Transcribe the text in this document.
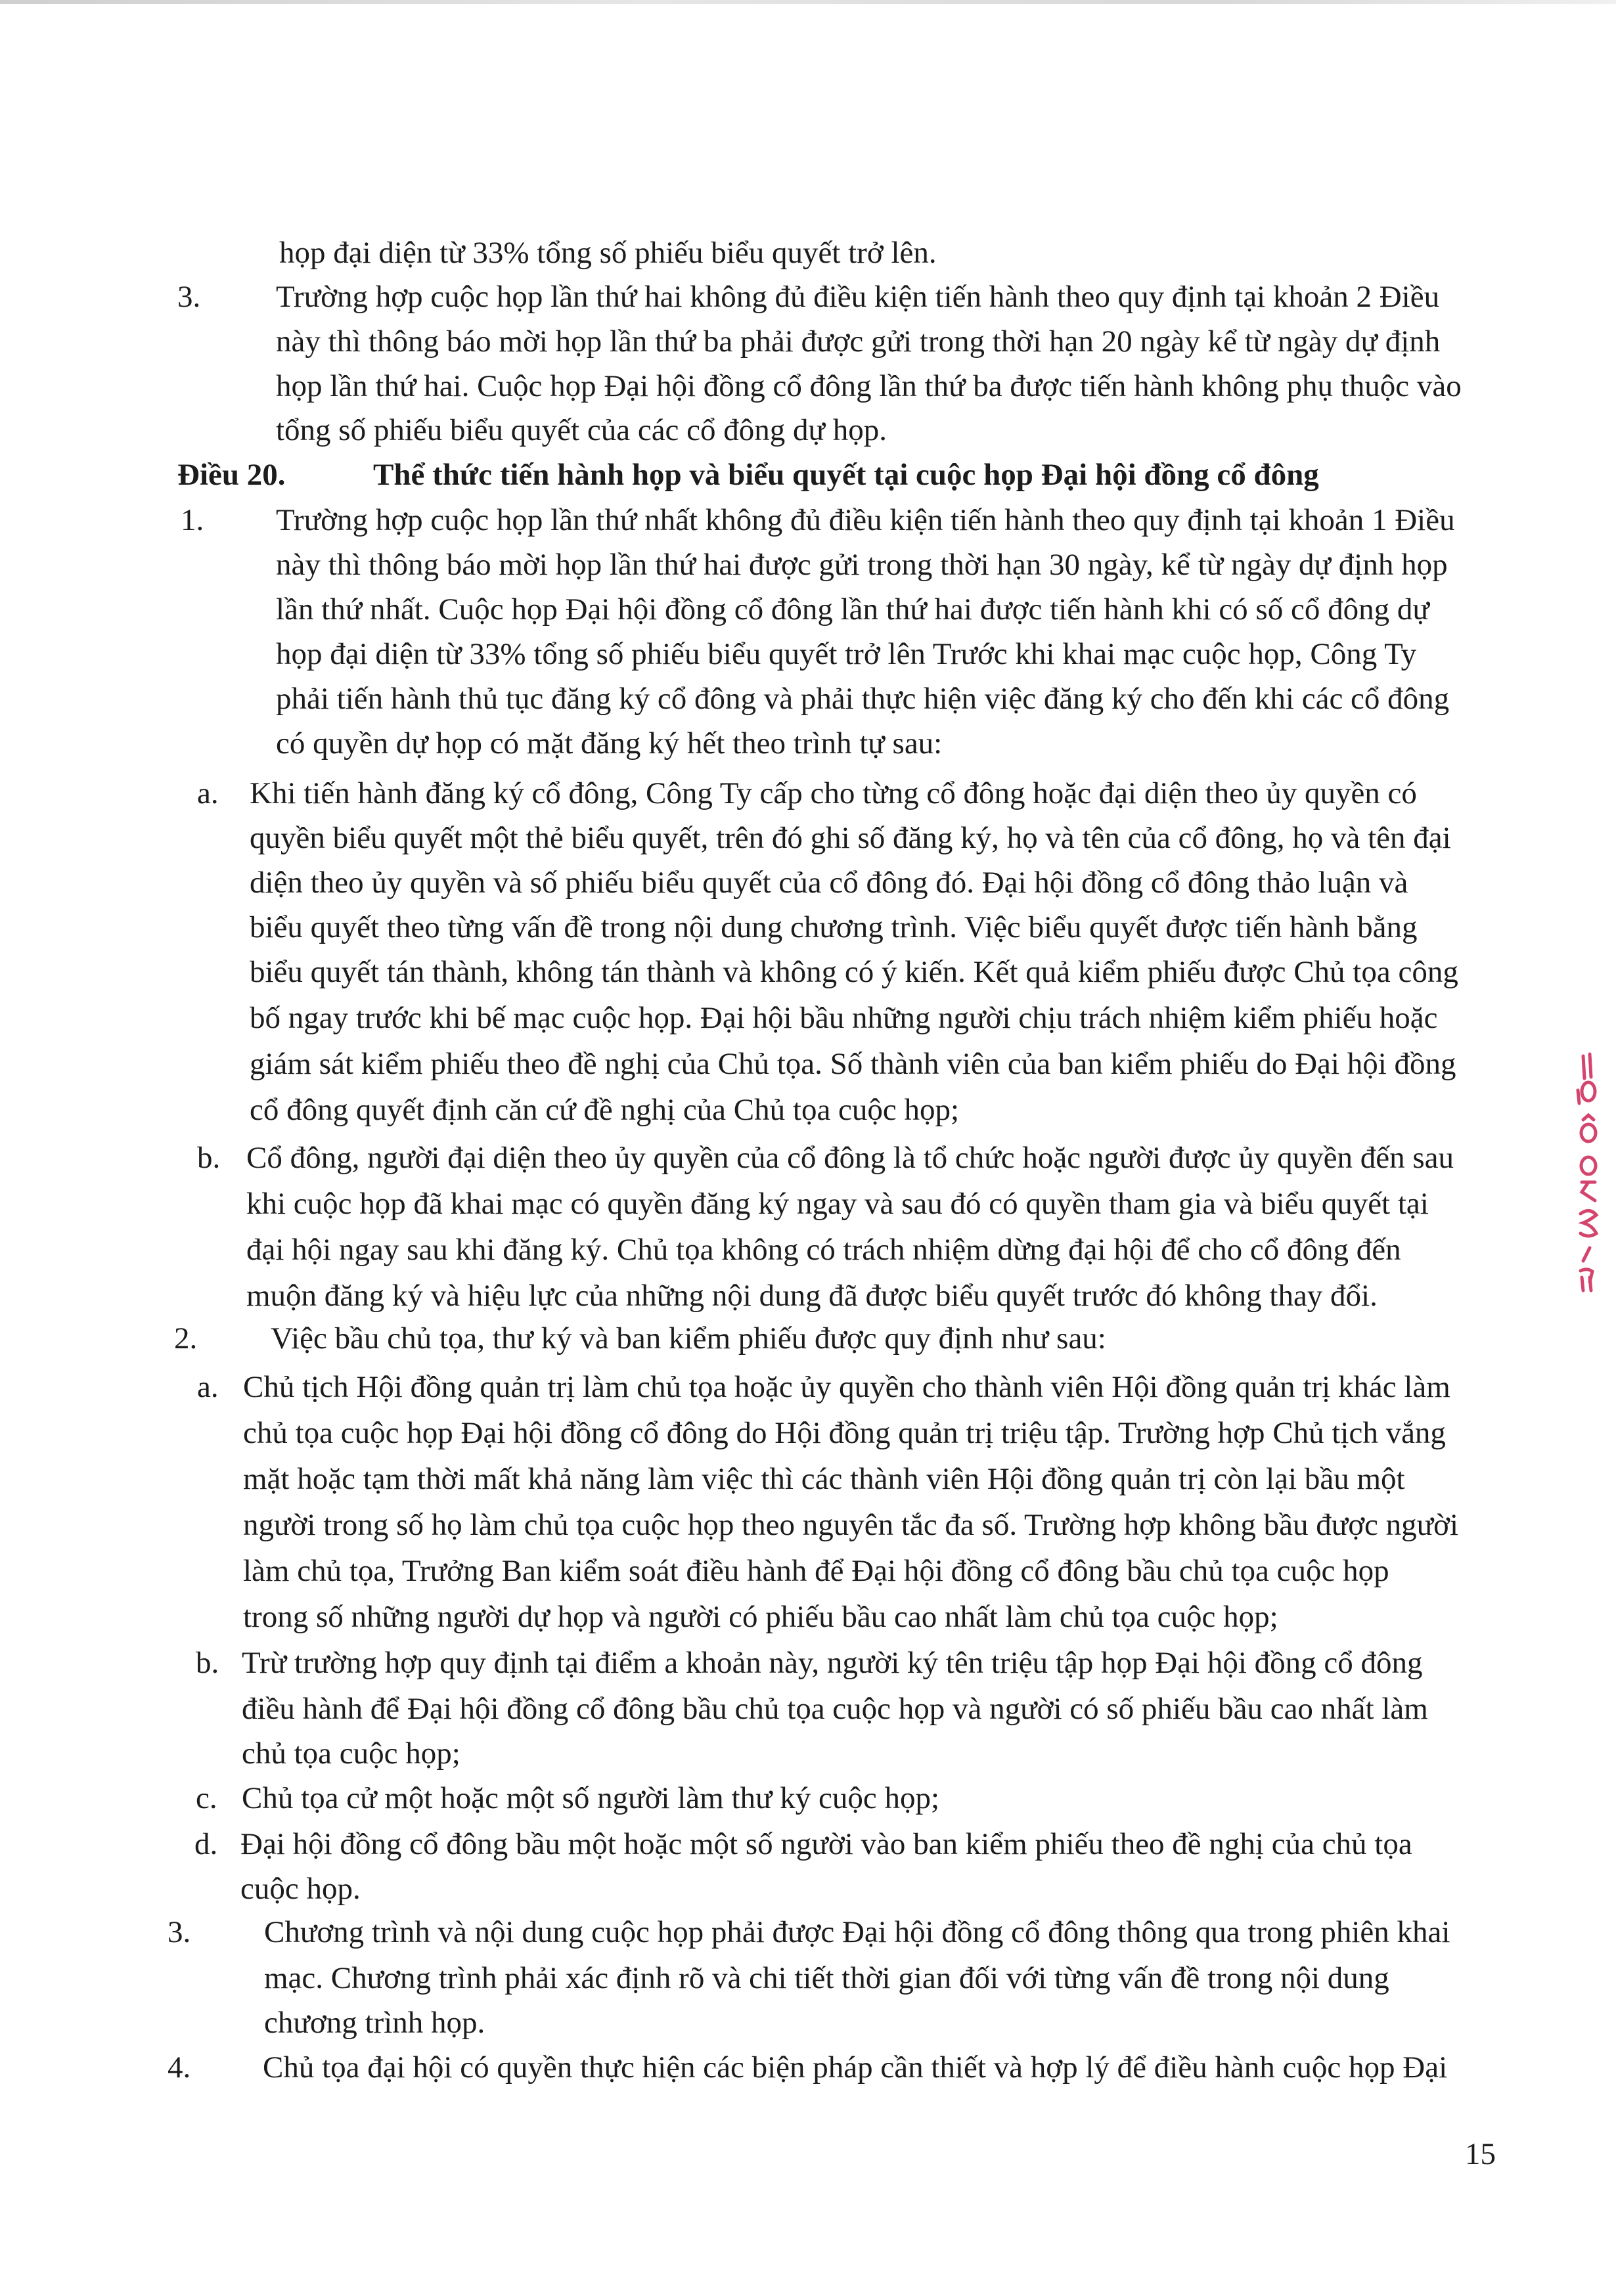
họp đại diện từ 33% tổng số phiếu biểu quyết trở lên.

3. Trường hợp cuộc họp lần thứ hai không đủ điều kiện tiến hành theo quy định tại khoản 2 Điều

này thì thông báo mời họp lần thứ ba phải được gửi trong thời hạn 20 ngày kể từ ngày dự định

họp lần thứ hai. Cuộc họp Đại hội đồng cổ đông lần thứ ba được tiến hành không phụ thuộc vào

tổng số phiếu biểu quyết của các cổ đông dự họp.

Điều 20.	Thể thức tiến hành họp và biểu quyết tại cuộc họp Đại hội đồng cổ đông

1. Trường hợp cuộc họp lần thứ nhất không đủ điều kiện tiến hành theo quy định tại khoản 1 Điều

này thì thông báo mời họp lần thứ hai được gửi trong thời hạn 30 ngày, kể từ ngày dự định họp

lần thứ nhất. Cuộc họp Đại hội đồng cổ đông lần thứ hai được tiến hành khi có số cổ đông dự

họp đại diện từ 33% tổng số phiếu biểu quyết trở lên Trước khi khai mạc cuộc họp, Công Ty

phải tiến hành thủ tục đăng ký cổ đông và phải thực hiện việc đăng ký cho đến khi các cổ đông

có quyền dự họp có mặt đăng ký hết theo trình tự sau:

a. Khi tiến hành đăng ký cổ đông, Công Ty cấp cho từng cổ đông hoặc đại diện theo ủy quyền có

quyền biểu quyết một thẻ biểu quyết, trên đó ghi số đăng ký, họ và tên của cổ đông, họ và tên đại

diện theo ủy quyền và số phiếu biểu quyết của cổ đông đó. Đại hội đồng cổ đông thảo luận và

biểu quyết theo từng vấn đề trong nội dung chương trình. Việc biểu quyết được tiến hành bằng

biểu quyết tán thành, không tán thành và không có ý kiến. Kết quả kiểm phiếu được Chủ tọa công

bố ngay trước khi bế mạc cuộc họp. Đại hội bầu những người chịu trách nhiệm kiểm phiếu hoặc

giám sát kiểm phiếu theo đề nghị của Chủ tọa. Số thành viên của ban kiểm phiếu do Đại hội đồng

cổ đông quyết định căn cứ đề nghị của Chủ tọa cuộc họp;

b. Cổ đông, người đại diện theo ủy quyền của cổ đông là tổ chức hoặc người được ủy quyền đến sau

khi cuộc họp đã khai mạc có quyền đăng ký ngay và sau đó có quyền tham gia và biểu quyết tại

đại hội ngay sau khi đăng ký. Chủ tọa không có trách nhiệm dừng đại hội để cho cổ đông đến

muộn đăng ký và hiệu lực của những nội dung đã được biểu quyết trước đó không thay đổi.

2. Việc bầu chủ tọa, thư ký và ban kiểm phiếu được quy định như sau:

a. Chủ tịch Hội đồng quản trị làm chủ tọa hoặc ủy quyền cho thành viên Hội đồng quản trị khác làm

chủ tọa cuộc họp Đại hội đồng cổ đông do Hội đồng quản trị triệu tập. Trường hợp Chủ tịch vắng

mặt hoặc tạm thời mất khả năng làm việc thì các thành viên Hội đồng quản trị còn lại bầu một

người trong số họ làm chủ tọa cuộc họp theo nguyên tắc đa số. Trường hợp không bầu được người

làm chủ tọa, Trưởng Ban kiểm soát điều hành để Đại hội đồng cổ đông bầu chủ tọa cuộc họp

trong số những người dự họp và người có phiếu bầu cao nhất làm chủ tọa cuộc họp;

b. Trừ trường hợp quy định tại điểm a khoản này, người ký tên triệu tập họp Đại hội đồng cổ đông

điều hành để Đại hội đồng cổ đông bầu chủ tọa cuộc họp và người có số phiếu bầu cao nhất làm

chủ tọa cuộc họp;

c. Chủ tọa cử một hoặc một số người làm thư ký cuộc họp;

d. Đại hội đồng cổ đông bầu một hoặc một số người vào ban kiểm phiếu theo đề nghị của chủ tọa

cuộc họp.

3. Chương trình và nội dung cuộc họp phải được Đại hội đồng cổ đông thông qua trong phiên khai

mạc. Chương trình phải xác định rõ và chi tiết thời gian đối với từng vấn đề trong nội dung

chương trình họp.

4. Chủ tọa đại hội có quyền thực hiện các biện pháp cần thiết và hợp lý để điều hành cuộc họp Đại

15
